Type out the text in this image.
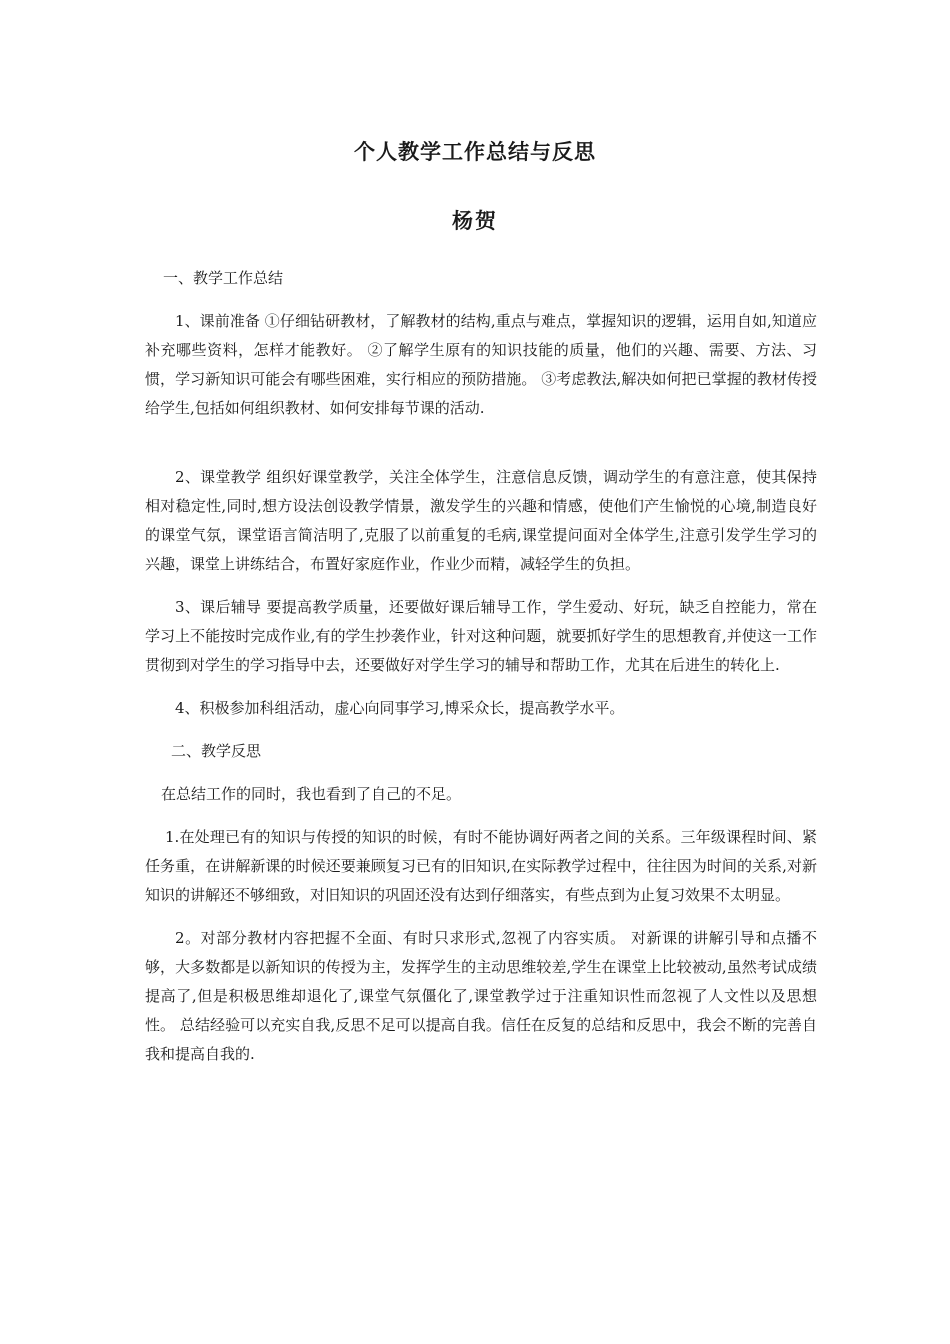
个人教学工作总结与反思
杨贺
一、教学工作总结

1、课前准备 ①仔细钻研教材，了解教材的结构,重点与难点，掌握知识的逻辑，运用自如,知道应补充哪些资料，怎样才能教好。 ②了解学生原有的知识技能的质量，他们的兴趣、需要、方法、习惯，学习新知识可能会有哪些困难，实行相应的预防措施。 ③考虑教法,解决如何把已掌握的教材传授给学生,包括如何组织教材、如何安排每节课的活动.

2、课堂教学 组织好课堂教学，关注全体学生，注意信息反馈，调动学生的有意注意，使其保持相对稳定性,同时,想方设法创设教学情景，激发学生的兴趣和情感，使他们产生愉悦的心境,制造良好的课堂气氛，课堂语言简洁明了,克服了以前重复的毛病,课堂提问面对全体学生,注意引发学生学习的兴趣，课堂上讲练结合，布置好家庭作业，作业少而精，减轻学生的负担。

3、课后辅导 要提高教学质量，还要做好课后辅导工作，学生爱动、好玩，缺乏自控能力，常在学习上不能按时完成作业,有的学生抄袭作业，针对这种问题，就要抓好学生的思想教育,并使这一工作贯彻到对学生的学习指导中去，还要做好对学生学习的辅导和帮助工作，尤其在后进生的转化上.

4、积极参加科组活动，虚心向同事学习,博采众长，提高教学水平。

二、教学反思

在总结工作的同时，我也看到了自己的不足。

1.在处理已有的知识与传授的知识的时候，有时不能协调好两者之间的关系。三年级课程时间、紧任务重，在讲解新课的时候还要兼顾复习已有的旧知识,在实际教学过程中，往往因为时间的关系,对新知识的讲解还不够细致，对旧知识的巩固还没有达到仔细落实，有些点到为止复习效果不太明显。

2。对部分教材内容把握不全面、有时只求形式,忽视了内容实质。 对新课的讲解引导和点播不够，大多数都是以新知识的传授为主，发挥学生的主动思维较差,学生在课堂上比较被动,虽然考试成绩提高了,但是积极思维却退化了,课堂气氛僵化了,课堂教学过于注重知识性而忽视了人文性以及思想性。 总结经验可以充实自我,反思不足可以提高自我。信任在反复的总结和反思中，我会不断的完善自我和提高自我的.
